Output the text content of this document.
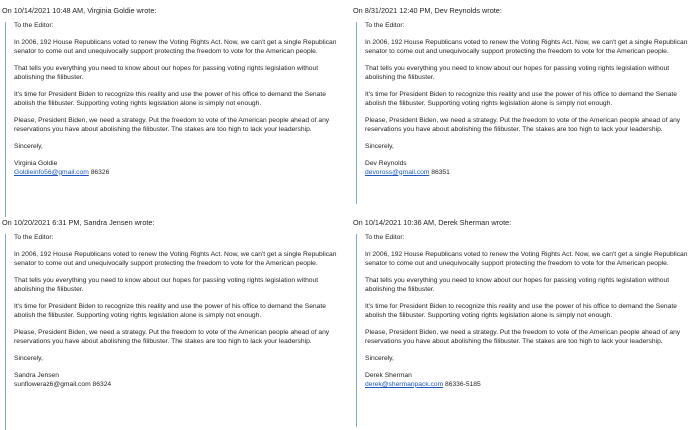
On 10/14/2021 10:48 AM, Virginia Goldie wrote:

To the Editor:

In 2006, 192 House Republicans voted to renew the Voting Rights Act. Now, we can't get a single Republican senator to come out and unequivocally support protecting the freedom to vote for the American people.

That tells you everything you need to know about our hopes for passing voting rights legislation without abolishing the filibuster.

It's time for President Biden to recognize this reality and use the power of his office to demand the Senate abolish the filibuster. Supporting voting rights legislation alone is simply not enough.

Please, President Biden, we need a strategy. Put the freedom to vote of the American people ahead of any reservations you have about abolishing the filibuster. The stakes are too high to lack your leadership.

Sincerely,

Virginia Goldie

Goldieinfo56@gmail.com 86326

On 8/31/2021 12:40 PM, Dev Reynolds wrote:

To the Editor:

In 2006, 192 House Republicans voted to renew the Voting Rights Act. Now, we can't get a single Republican senator to come out and unequivocally support protecting the freedom to vote for the American people.

That tells you everything you need to know about our hopes for passing voting rights legislation without abolishing the filibuster.

It's time for President Biden to recognize this reality and use the power of his office to demand the Senate abolish the filibuster. Supporting voting rights legislation alone is simply not enough.

Please, President Biden, we need a strategy. Put the freedom to vote of the American people ahead of any reservations you have about abolishing the filibuster. The stakes are too high to lack your leadership.

Sincerely,

Dev Reynolds

devoross@gmail.com 86351

On 10/20/2021 6:31 PM, Sandra Jensen wrote:

To the Editor:

In 2006, 192 House Republicans voted to renew the Voting Rights Act. Now, we can't get a single Republican senator to come out and unequivocally support protecting the freedom to vote for the American people.

That tells you everything you need to know about our hopes for passing voting rights legislation without abolishing the filibuster.

It's time for President Biden to recognize this reality and use the power of his office to demand the Senate abolish the filibuster. Supporting voting rights legislation alone is simply not enough.

Please, President Biden, we need a strategy. Put the freedom to vote of the American people ahead of any reservations you have about abolishing the filibuster. The stakes are too high to lack your leadership.

Sincerely,

Sandra Jensen

sunfloweraz6@gmail.com 86324

On 10/14/2021 10:36 AM, Derek Sherman wrote:

To the Editor:

In 2006, 192 House Republicans voted to renew the Voting Rights Act. Now, we can't get a single Republican senator to come out and unequivocally support protecting the freedom to vote for the American people.

That tells you everything you need to know about our hopes for passing voting rights legislation without abolishing the filibuster.

It's time for President Biden to recognize this reality and use the power of his office to demand the Senate abolish the filibuster. Supporting voting rights legislation alone is simply not enough.

Please, President Biden, we need a strategy. Put the freedom to vote of the American people ahead of any reservations you have about abolishing the filibuster. The stakes are too high to lack your leadership.

Sincerely,

Derek Sherman

derek@shermanpack.com 86336-5185
